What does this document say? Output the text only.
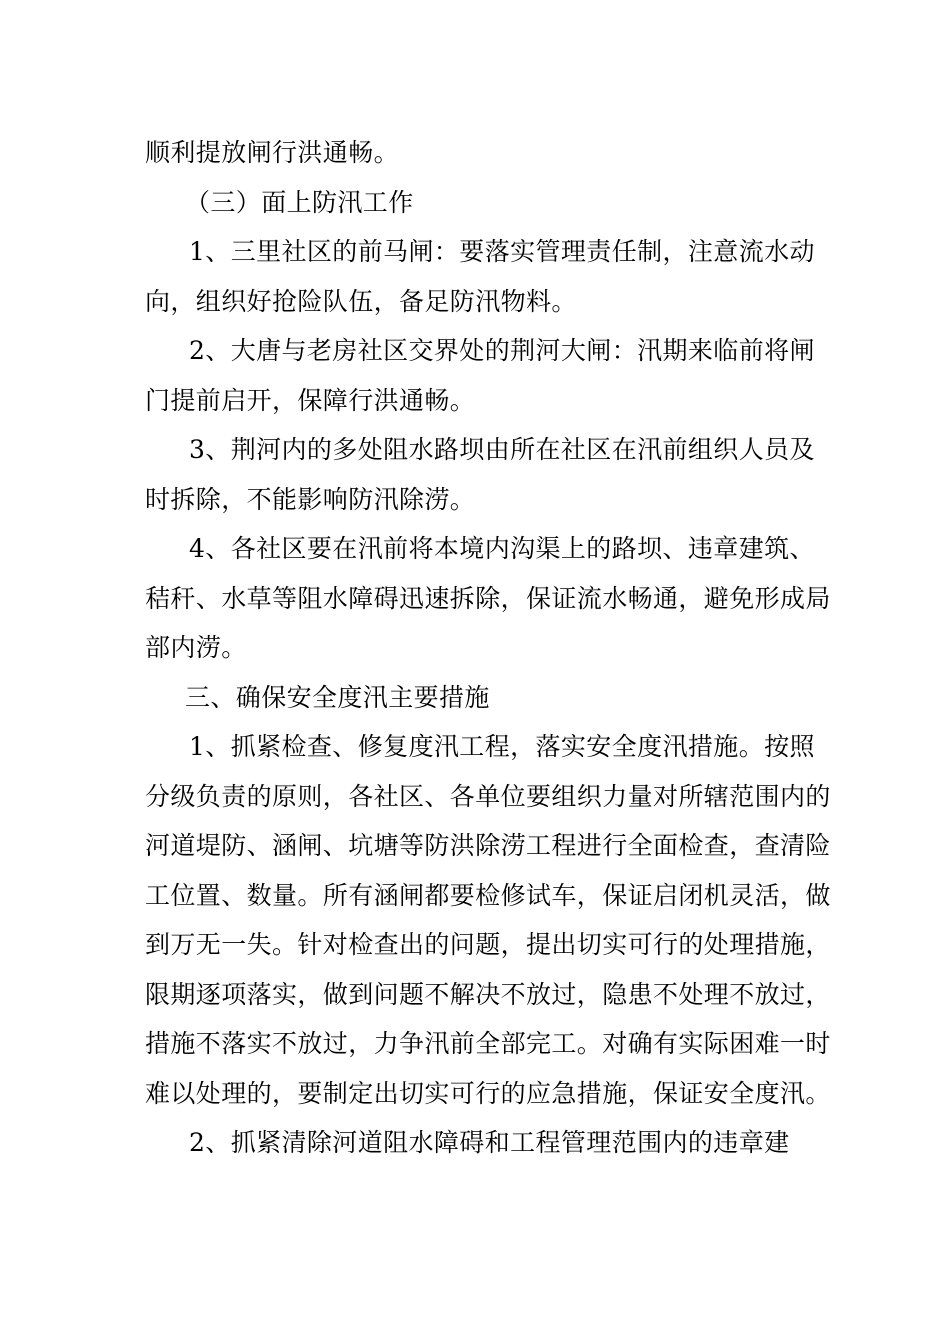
顺利提放闸行洪通畅。

（三）面上防汛工作

1、三里社区的前马闸：要落实管理责任制，注意流水动向，组织好抢险队伍，备足防汛物料。

2、大唐与老房社区交界处的荆河大闸：汛期来临前将闸门提前启开，保障行洪通畅。

3、荆河内的多处阻水路坝由所在社区在汛前组织人员及时拆除，不能影响防汛除涝。

4、各社区要在汛前将本境内沟渠上的路坝、违章建筑、秸秆、水草等阻水障碍迅速拆除，保证流水畅通，避免形成局部内涝。

三、确保安全度汛主要措施

1、抓紧检查、修复度汛工程，落实安全度汛措施。按照分级负责的原则，各社区、各单位要组织力量对所辖范围内的河道堤防、涵闸、坑塘等防洪除涝工程进行全面检查，查清险工位置、数量。所有涵闸都要检修试车，保证启闭机灵活，做到万无一失。针对检查出的问题，提出切实可行的处理措施，限期逐项落实，做到问题不解决不放过，隐患不处理不放过，措施不落实不放过，力争汛前全部完工。对确有实际困难一时难以处理的，要制定出切实可行的应急措施，保证安全度汛。

2、抓紧清除河道阻水障碍和工程管理范围内的违章建
